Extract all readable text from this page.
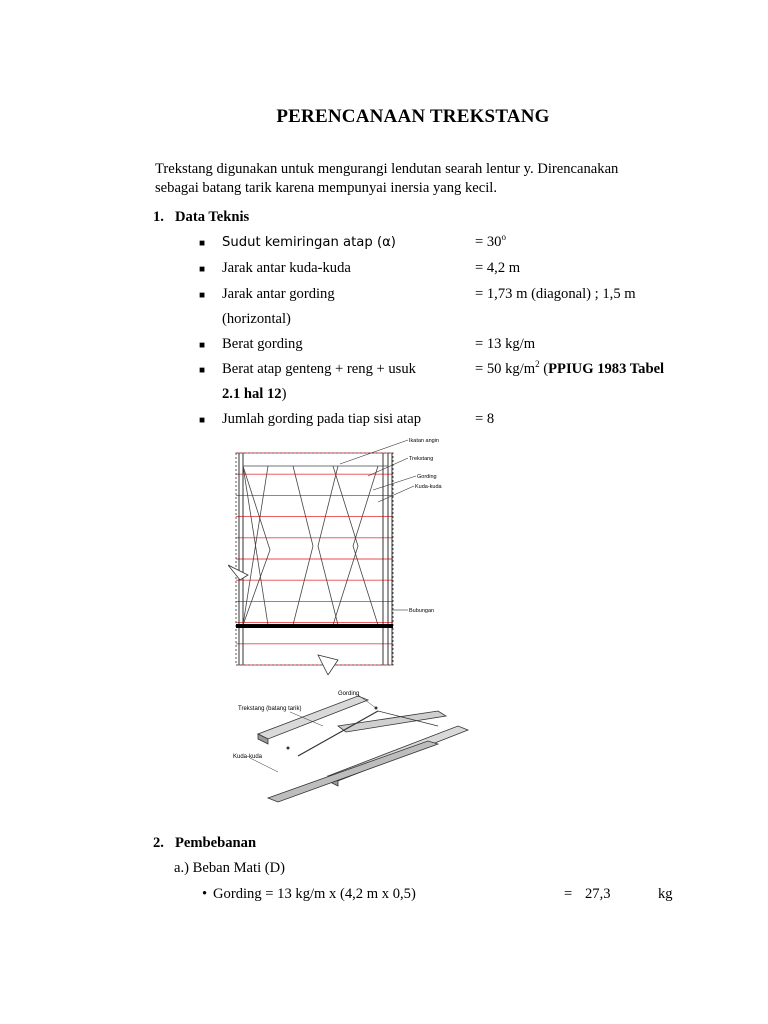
PERENCANAAN TREKSTANG
Trekstang digunakan untuk mengurangi lendutan searah lentur y. Direncanakan
sebagai batang tarik karena mempunyai inersia yang kecil.
1. Data Teknis
■ Sudut kemiringan atap (α)	= $30^o$
■ Jarak antar kuda-kuda	= 4,2 m
■ Jarak antar gording	= 1,73 m (diagonal) ; 1,5 m
(horizontal)
■ Berat gording	= 13 kg/m
■ Berat atap genteng + reng + usuk	= 50 $kg/m^2$ (PPIUG 1983 Tabel
2.1 hal 12)
■ Jumlah gording pada tiap sisi atap	= 8
Ikatan angin
Trekstang
Gording
Kuda-kuda
Bubungan
Gording
Trekstang (batang tarik)
Kuda-kuda
2. Pembebanan
a.) Beban Mati (D)
• Gording = 13 kg/m x (4,2 m x 0,5)	= 27,3	kg
